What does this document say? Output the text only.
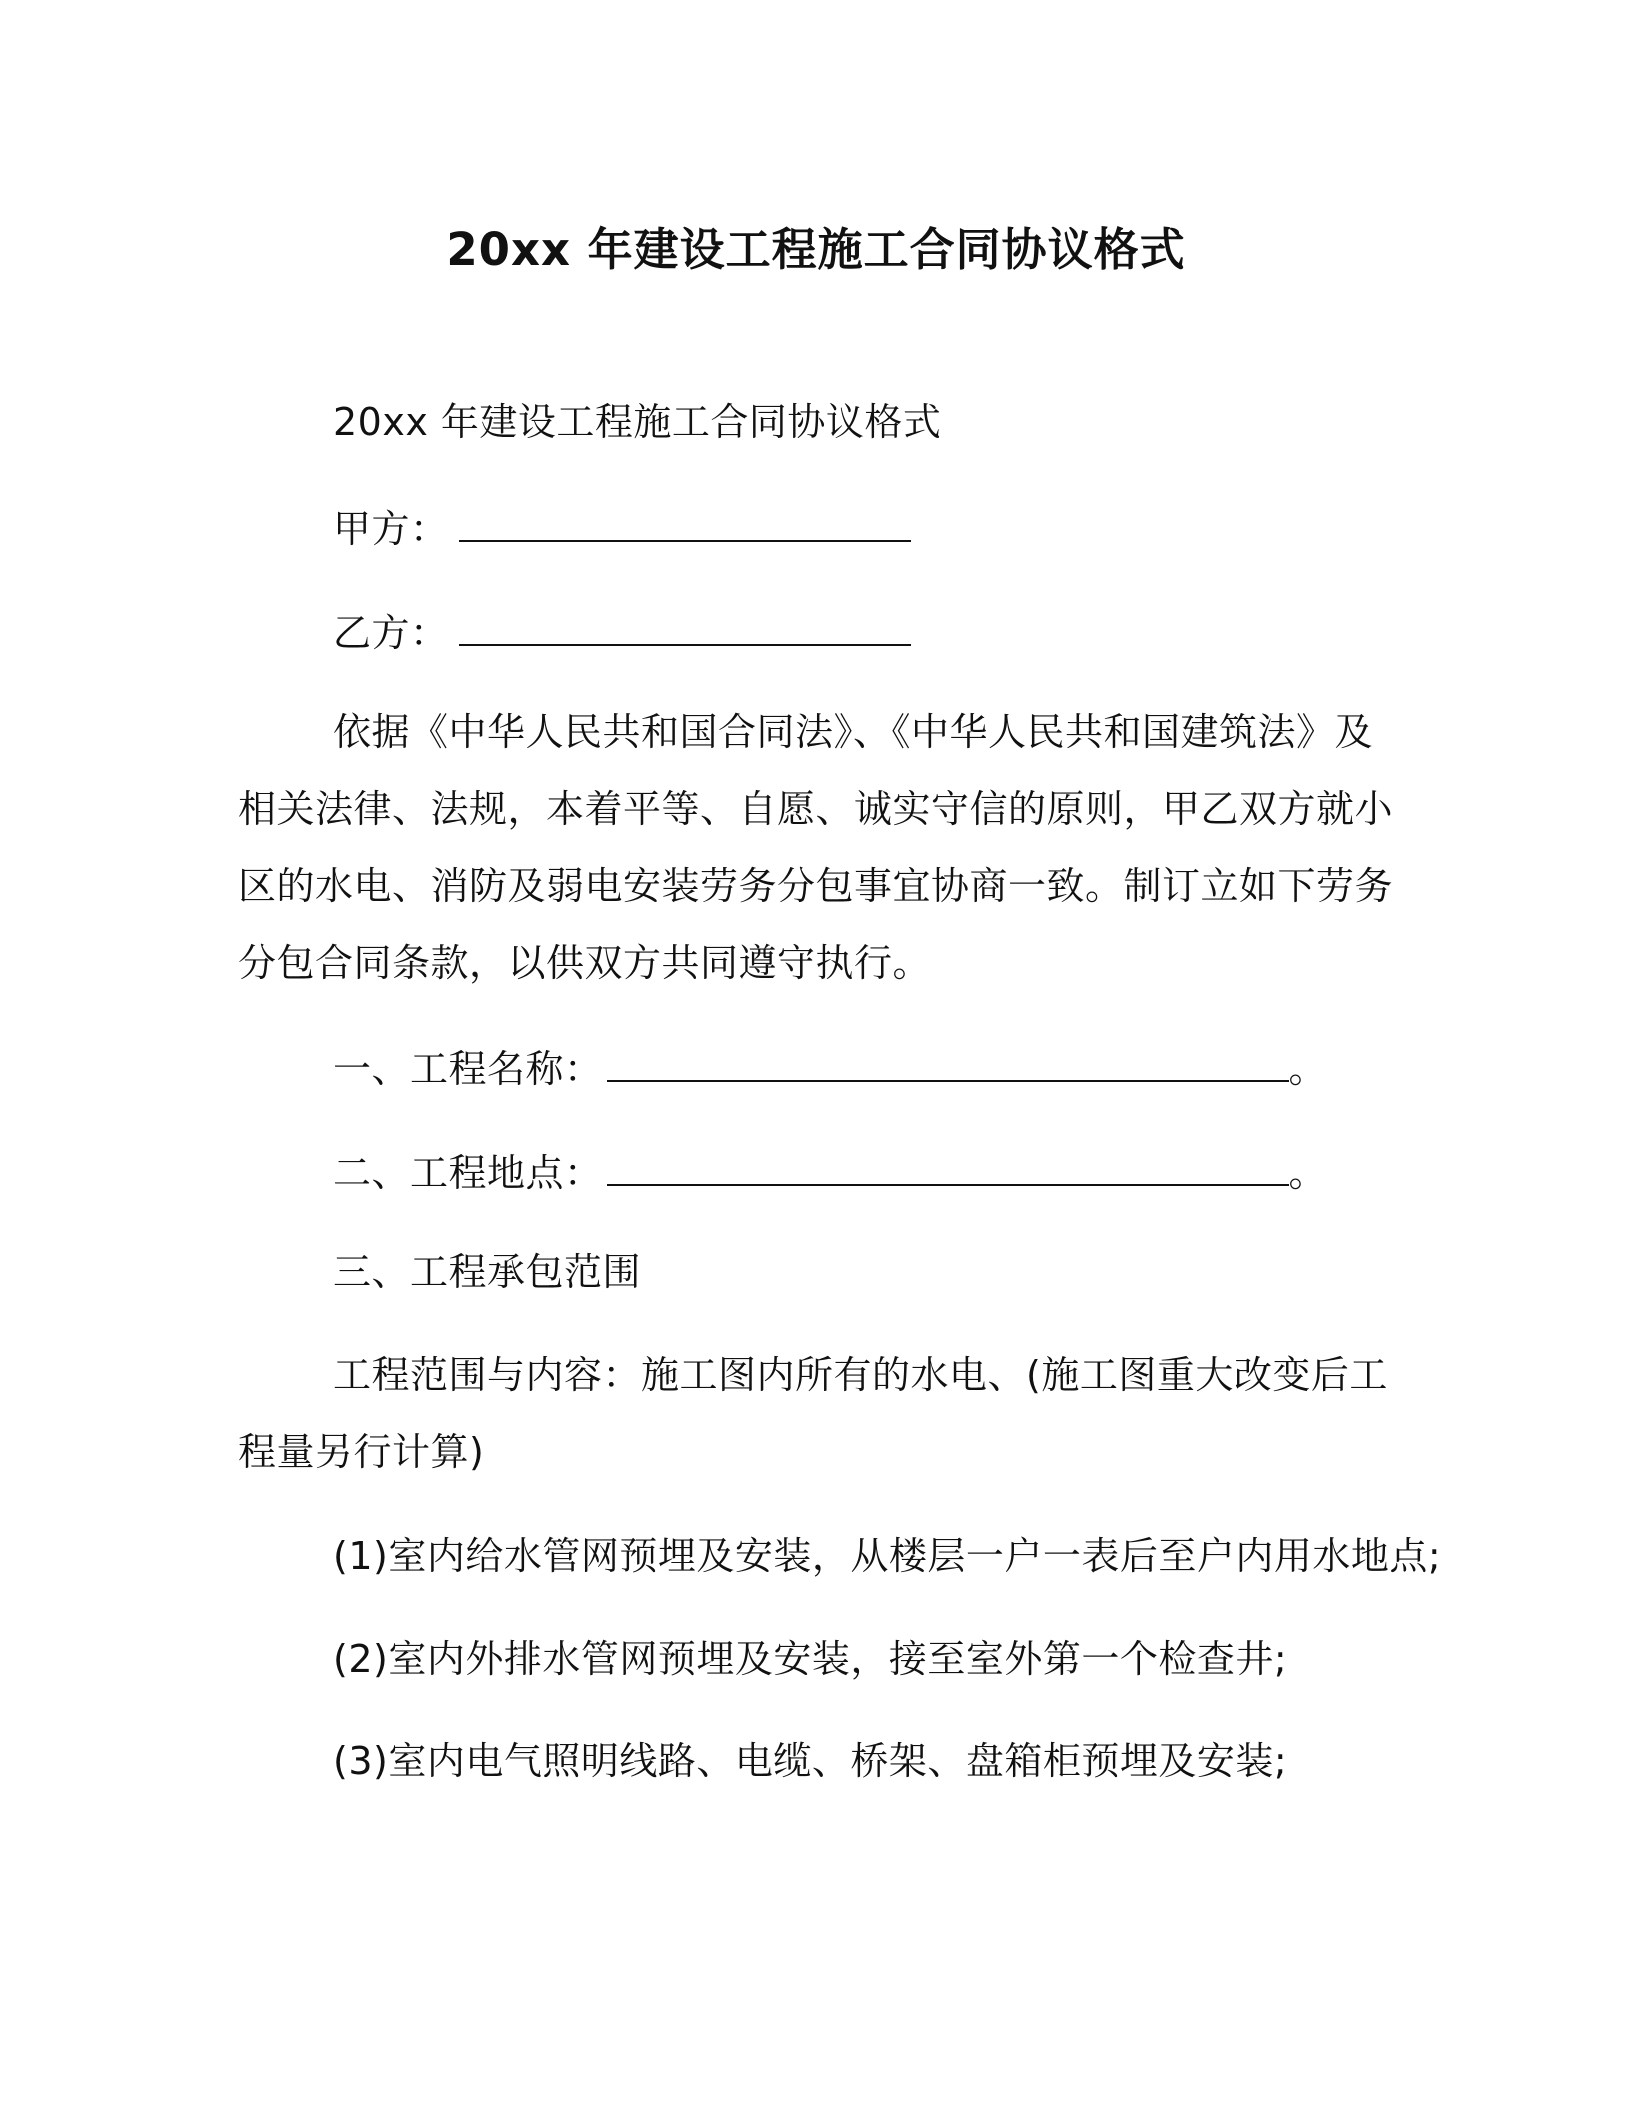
20xx 年建设工程施工合同协议格式
20xx 年建设工程施工合同协议格式
甲方：
乙方：
依据《中华人民共和国合同法》、《中华人民共和国建筑法》及
相关法律、法规，本着平等、自愿、诚实守信的原则，甲乙双方就小
区的水电、消防及弱电安装劳务分包事宜协商一致。制订立如下劳务
分包合同条款，以供双方共同遵守执行。
一、工程名称：	。
二、工程地点：	。
三、工程承包范围
工程范围与内容：施工图内所有的水电、(施工图重大改变后工
程量另行计算)
(1)室内给水管网预埋及安装，从楼层一户一表后至户内用水地点;
(2)室内外排水管网预埋及安装，接至室外第一个检查井;
(3)室内电气照明线路、电缆、桥架、盘箱柜预埋及安装;
